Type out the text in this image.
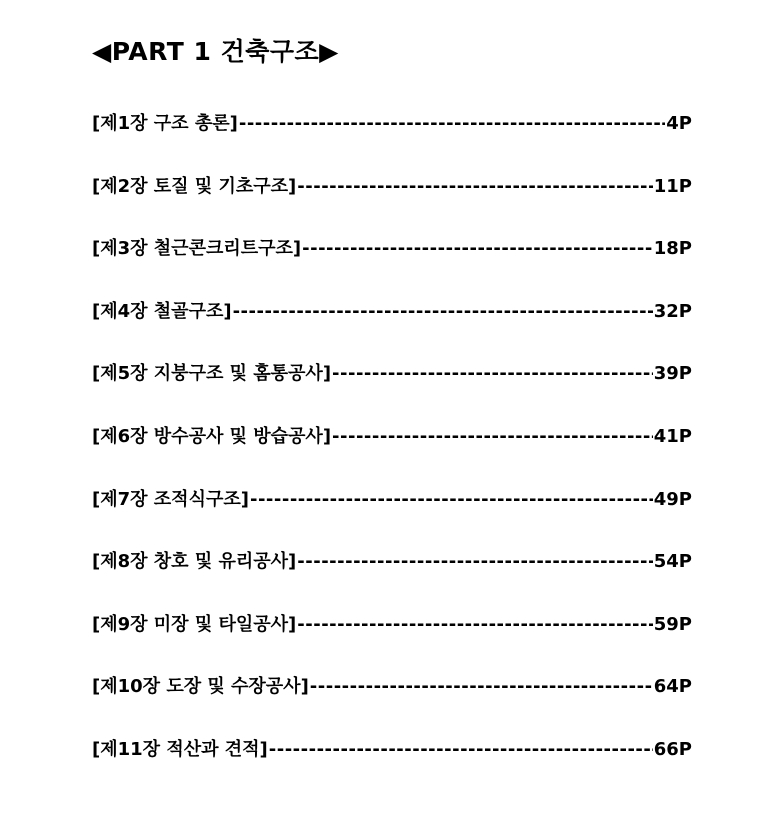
◀PART 1 건축구조▶
[제1장 구조 총론] -----	4P
[제2장 토질 및 기초구조] -----	11P
[제3장 철근콘크리트구조] -----	18P
[제4장 철골구조] -----	32P
[제5장 지붕구조 및 홈통공사] -----	39P
[제6장 방수공사 및 방습공사] -----	41P
[제7장 조적식구조] -----	49P
[제8장 창호 및 유리공사] -----	54P
[제9장 미장 및 타일공사] -----	59P
[제10장 도장 및 수장공사] -----	64P
[제11장 적산과 견적] -----	66P
